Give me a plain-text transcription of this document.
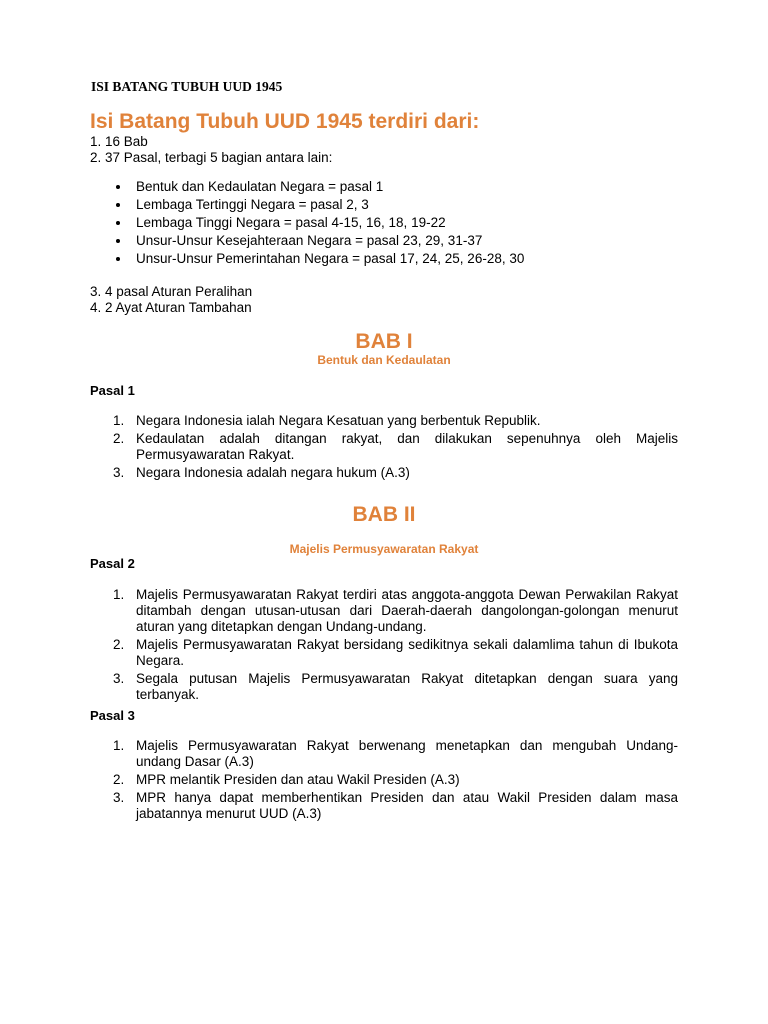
ISI BATANG TUBUH UUD 1945
Isi Batang Tubuh UUD 1945 terdiri dari:

1. 16 Bab

2. 37 Pasal, terbagi 5 bagian antara lain:

Bentuk dan Kedaulatan Negara = pasal 1
Lembaga Tertinggi Negara = pasal 2, 3
Lembaga Tinggi Negara = pasal 4-15, 16, 18, 19-22
Unsur-Unsur Kesejahteraan Negara = pasal 23, 29, 31-37
Unsur-Unsur Pemerintahan Negara = pasal 17, 24, 25, 26-28, 30

3. 4 pasal Aturan Peralihan

4. 2 Ayat Aturan Tambahan

BAB I
Bentuk dan Kedaulatan

Pasal 1

1. Negara Indonesia ialah Negara Kesatuan yang berbentuk Republik.
2. Kedaulatan adalah ditangan rakyat, dan dilakukan sepenuhnya oleh Majelis Permusyawaratan Rakyat.
3. Negara Indonesia adalah negara hukum (A.3)
BAB II
Majelis Permusyawaratan Rakyat

Pasal 2

1. Majelis Permusyawaratan Rakyat terdiri atas anggota-anggota Dewan Perwakilan Rakyat ditambah dengan utusan-utusan dari Daerah-daerah dangolongan-golongan menurut aturan yang ditetapkan dengan Undang-undang.
2. Majelis Permusyawaratan Rakyat bersidang sedikitnya sekali dalamlima tahun di Ibukota Negara.
3. Segala putusan Majelis Permusyawaratan Rakyat ditetapkan dengan suara yang terbanyak.

Pasal 3

1. Majelis Permusyawaratan Rakyat berwenang menetapkan dan mengubah Undang-undang Dasar (A.3)
2. MPR melantik Presiden dan atau Wakil Presiden (A.3)
3. MPR hanya dapat memberhentikan Presiden dan atau Wakil Presiden dalam masa jabatannya menurut UUD (A.3)
